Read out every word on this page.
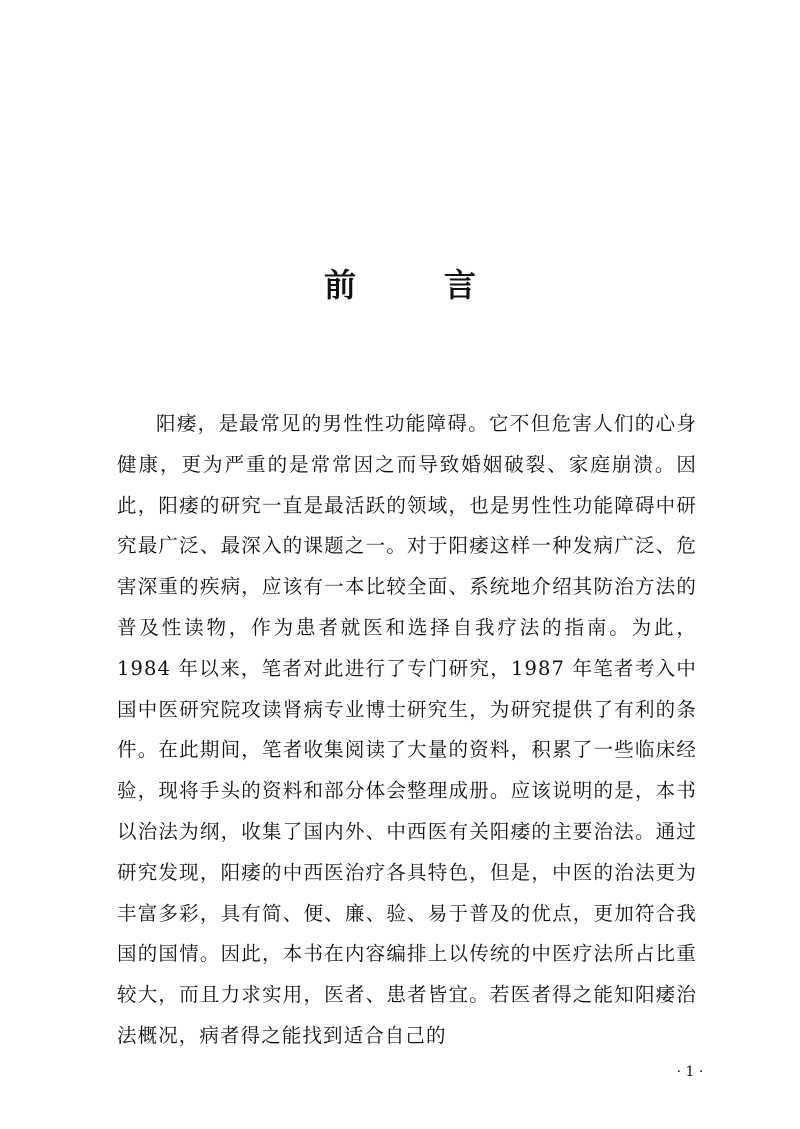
前　言

阳痿，是最常见的男性性功能障碍。它不但危害人们的心身健康，更为严重的是常常因之而导致婚姻破裂、家庭崩溃。因此，阳痿的研究一直是最活跃的领域，也是男性性功能障碍中研究最广泛、最深入的课题之一。对于阳痿这样一种发病广泛、危害深重的疾病，应该有一本比较全面、系统地介绍其防治方法的普及性读物，作为患者就医和选择自我疗法的指南。为此，1984 年以来，笔者对此进行了专门研究，1987 年笔者考入中国中医研究院攻读肾病专业博士研究生，为研究提供了有利的条件。在此期间，笔者收集阅读了大量的资料，积累了一些临床经验，现将手头的资料和部分体会整理成册。应该说明的是，本书以治法为纲，收集了国内外、中西医有关阳痿的主要治法。通过研究发现，阳痿的中西医治疗各具特色，但是，中医的治法更为丰富多彩，具有简、便、廉、验、易于普及的优点，更加符合我国的国情。因此，本书在内容编排上以传统的中医疗法所占比重较大，而且力求实用，医者、患者皆宜。若医者得之能知阳痿治法概况，病者得之能找到适合自己的

· 1 ·
